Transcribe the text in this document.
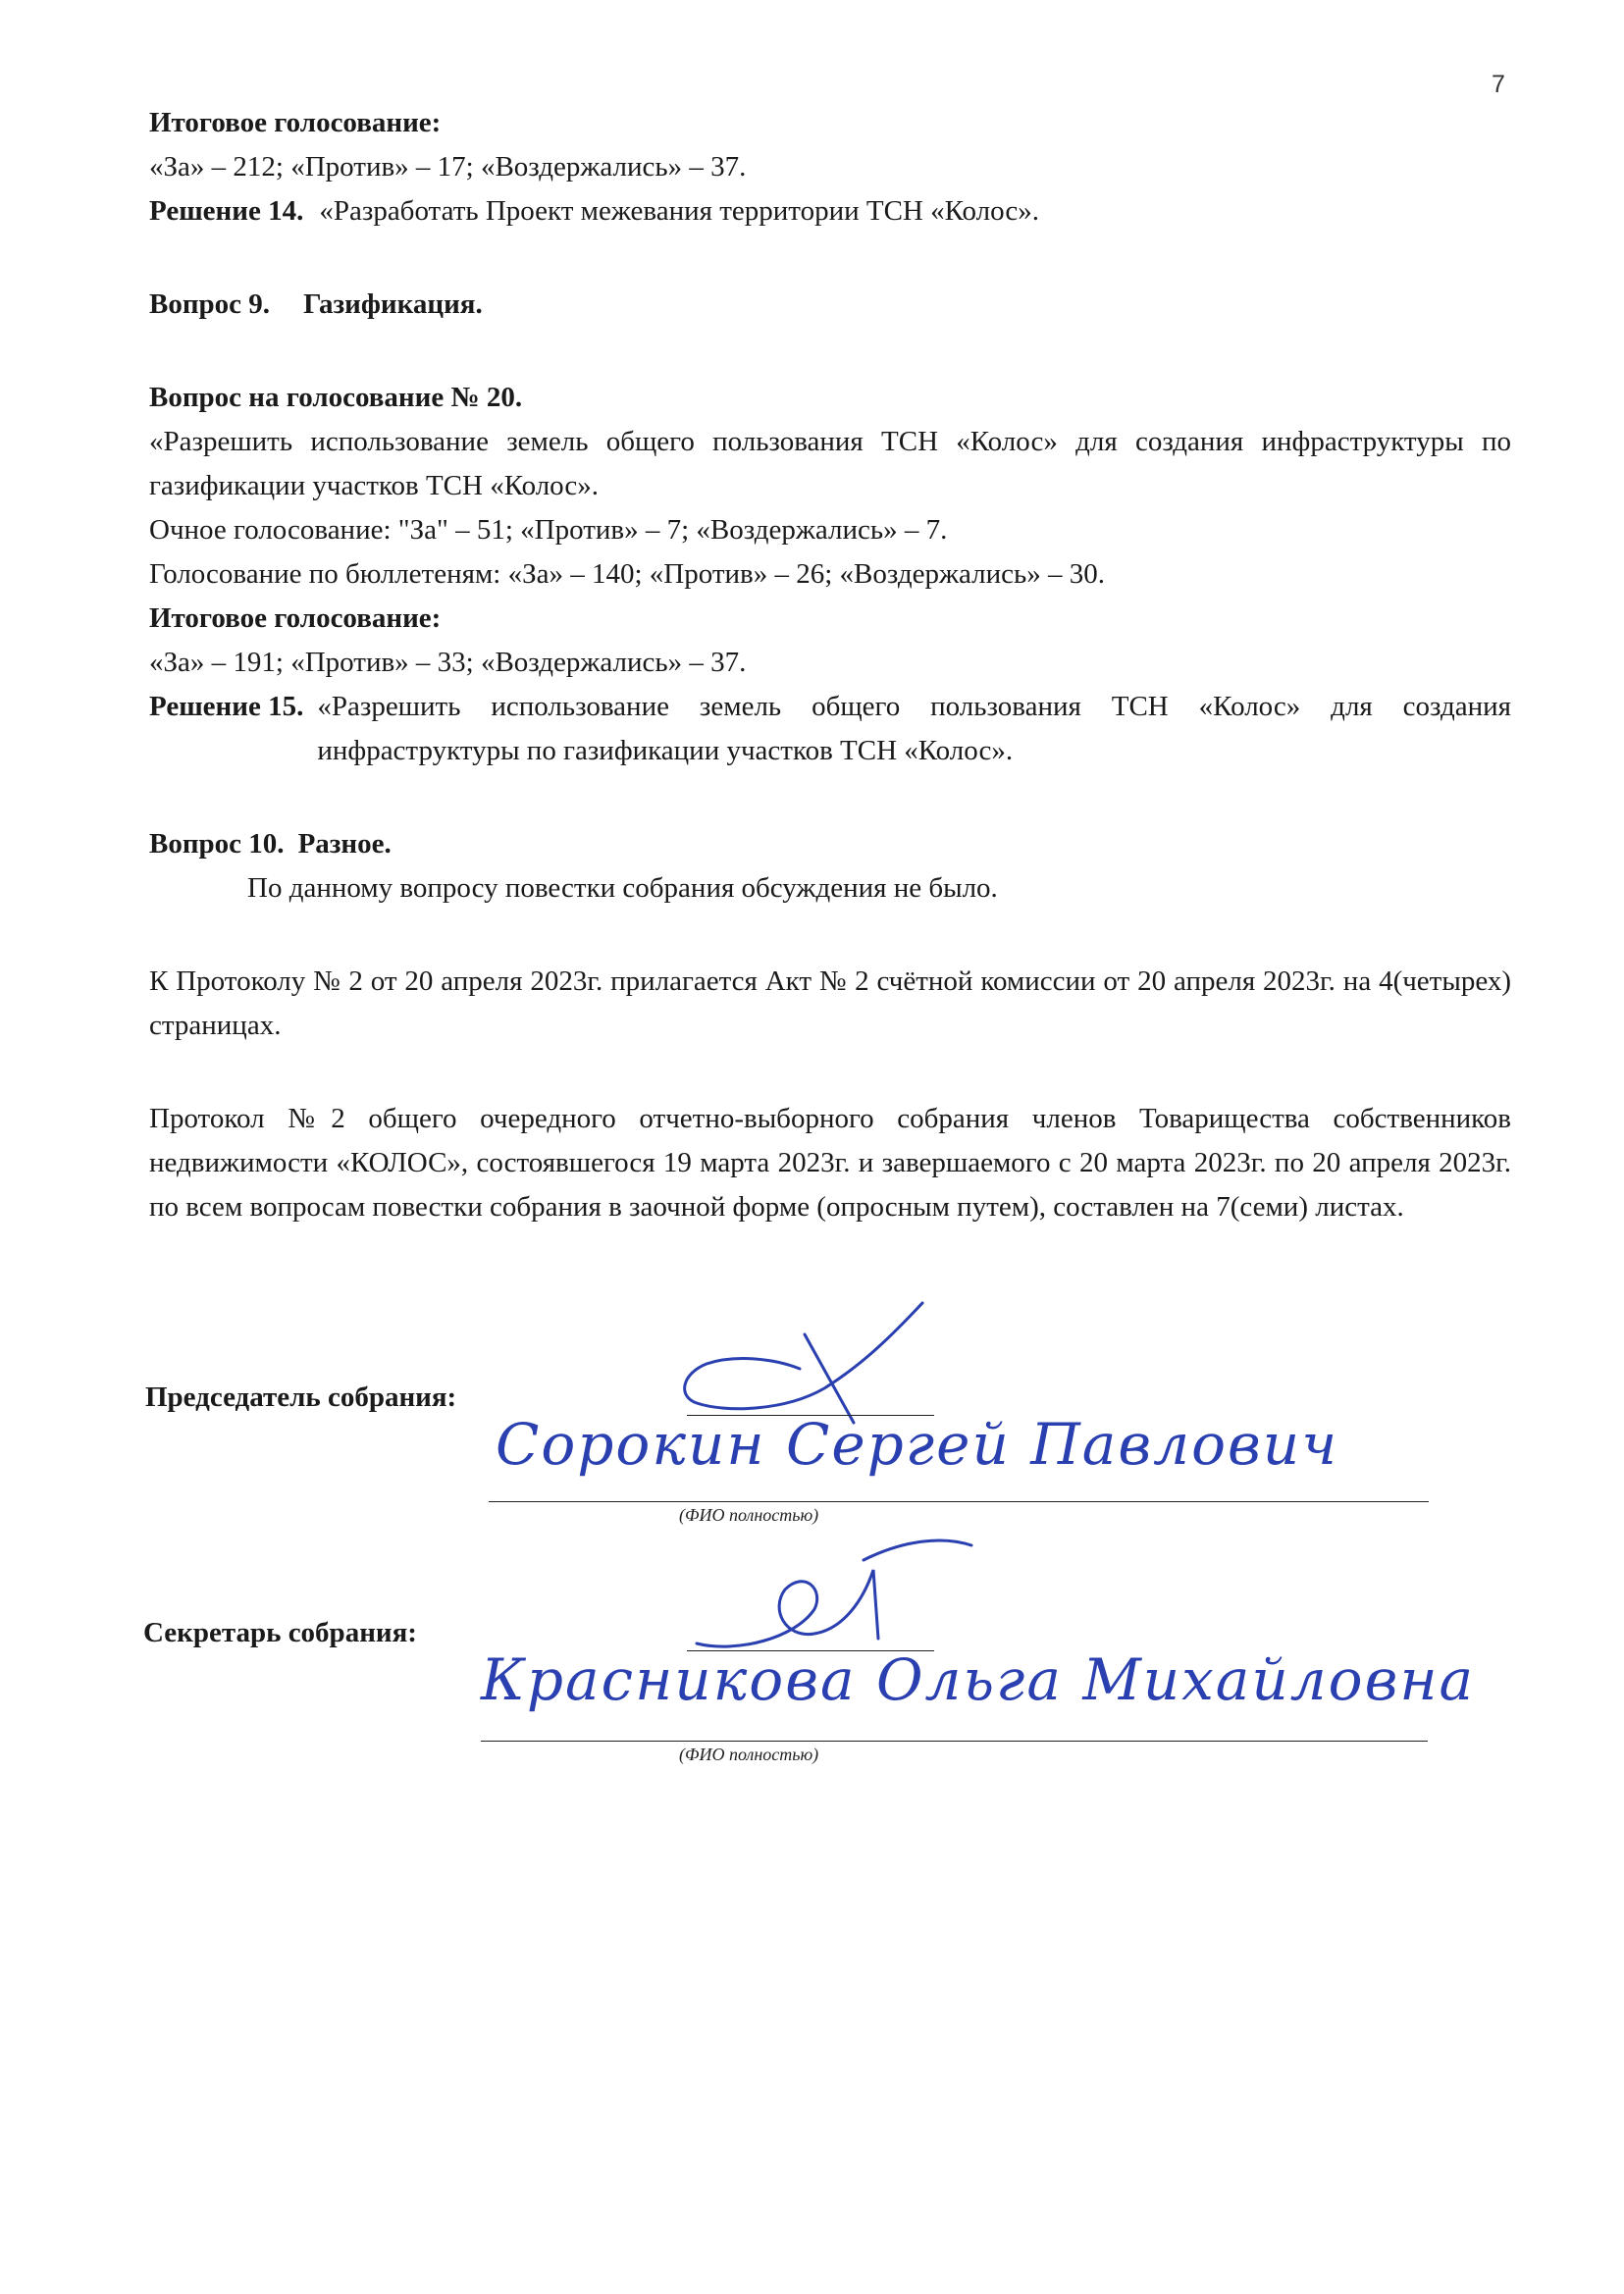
7

Итоговое голосование:

«За» – 212; «Против» – 17; «Воздержались» – 37.

Решение 14. «Разработать Проект межевания территории ТСН «Колос».

Вопрос 9. Газификация.

Вопрос на голосование № 20.

«Разрешить использование земель общего пользования ТСН «Колос» для создания инфраструктуры по газификации участков ТСН «Колос».

Очное голосование: "За" – 51; «Против» – 7; «Воздержались» – 7.

Голосование по бюллетеням: «За» – 140; «Против» – 26; «Воздержались» – 30.

Итоговое голосование:

«За» – 191; «Против» – 33; «Воздержались» – 37.

Решение 15. «Разрешить использование земель общего пользования ТСН «Колос» для создания инфраструктуры по газификации участков ТСН «Колос».

Вопрос 10. Разное.

По данному вопросу повестки собрания обсуждения не было.

К Протоколу № 2 от 20 апреля 2023г. прилагается Акт № 2 счётной комиссии от 20 апреля 2023г. на 4(четырех) страницах.

Протокол №2 общего очередного отчетно-выборного собрания членов Товарищества собственников недвижимости «КОЛОС», состоявшегося 19 марта 2023г. и завершаемого с 20 марта 2023г. по 20 апреля 2023г. по всем вопросам повестки собрания в заочной форме (опросным путем), составлен на 7(семи) листах.

Председатель собрания:
Сорокин Сергей Павлович
(ФИО полностью)
Секретарь собрания:
Красникова Ольга Михайловна
(ФИО полностью)
